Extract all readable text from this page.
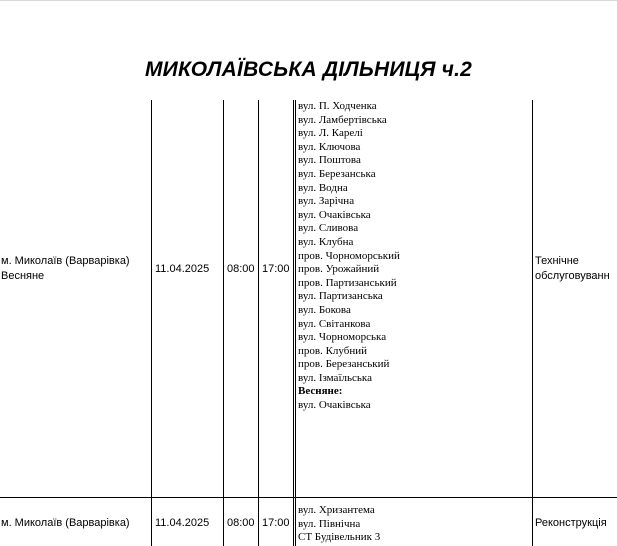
МИКОЛАЇВСЬКА ДІЛЬНИЦЯ ч.2
м. Миколаїв (Варварівка)
Весняне
11.04.2025 08:00 17:00
вул. П. Ходченка
вул. Ламбертівська
вул. Л. Карелі
вул. Ключова
вул. Поштова
вул. Березанська
вул. Водна
вул. Зарічна
вул. Очаківська
вул. Сливова
вул. Клубна
пров. Чорноморський
пров. Урожайний
пров. Партизанський
вул. Партизанська
вул. Бокова
вул. Світанкова
вул. Чорноморська
пров. Клубний
пров. Березанський
вул. Ізмаїльська
Весняне:
вул. Очаківська
Технічне
обслуговуванн
м. Миколаїв (Варварівка) 11.04.2025 08:00 17:00
вул. Хризантема
вул. Північна
СТ Будівельник 3
Реконструкція
